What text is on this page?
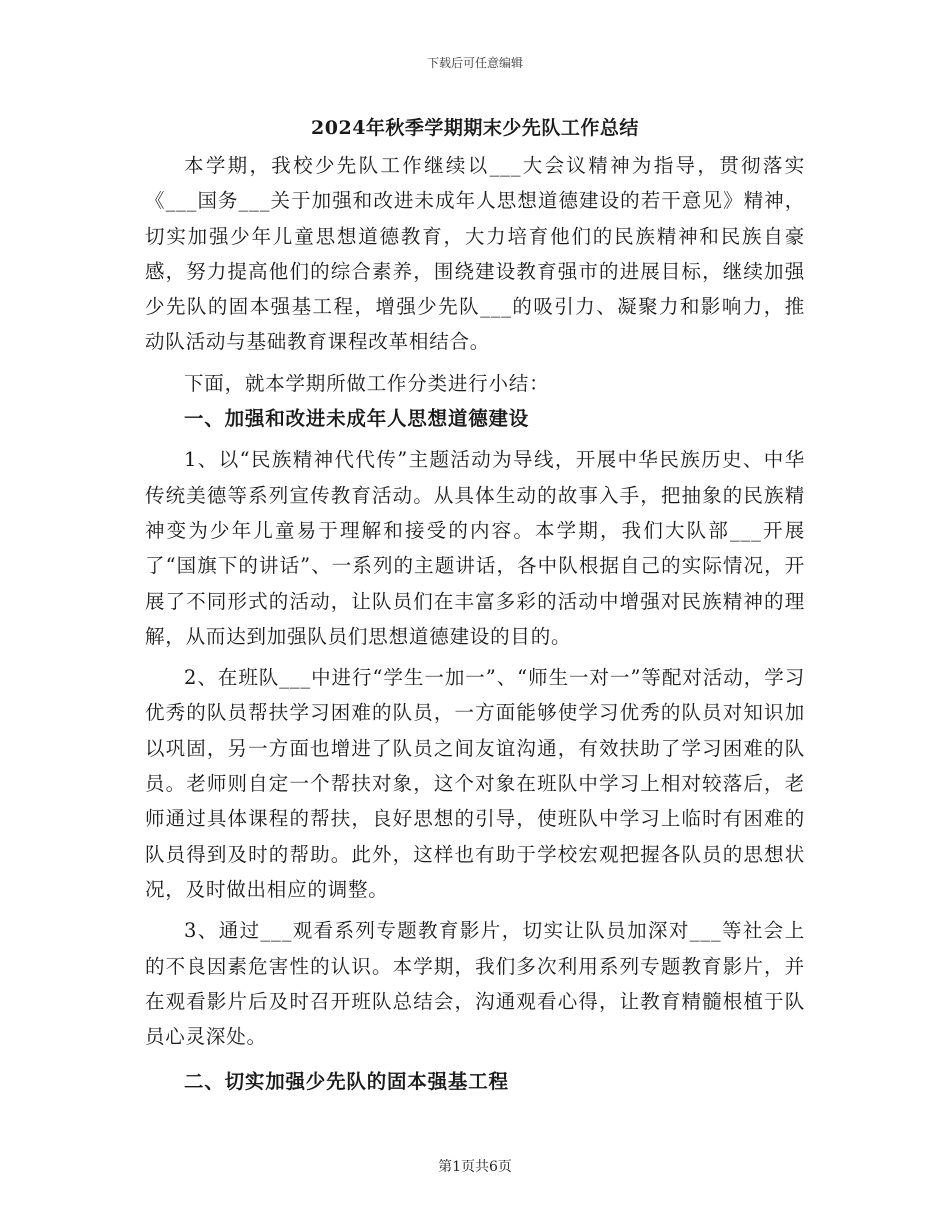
下载后可任意编辑
2024年秋季学期期末少先队工作总结

本学期，我校少先队工作继续以___大会议精神为指导，贯彻落实《___国务___关于加强和改进未成年人思想道德建设的若干意见》精神，切实加强少年儿童思想道德教育，大力培育他们的民族精神和民族自豪感，努力提高他们的综合素养，围绕建设教育强市的进展目标，继续加强少先队的固本强基工程，增强少先队___的吸引力、凝聚力和影响力，推动队活动与基础教育课程改革相结合。

下面，就本学期所做工作分类进行小结：

一、加强和改进未成年人思想道德建设

1、以“民族精神代代传”主题活动为导线，开展中华民族历史、中华传统美德等系列宣传教育活动。从具体生动的故事入手，把抽象的民族精神变为少年儿童易于理解和接受的内容。本学期，我们大队部___开展了“国旗下的讲话”、一系列的主题讲话，各中队根据自己的实际情况，开展了不同形式的活动，让队员们在丰富多彩的活动中增强对民族精神的理解，从而达到加强队员们思想道德建设的目的。

2、在班队___中进行“学生一加一”、“师生一对一”等配对活动，学习优秀的队员帮扶学习困难的队员，一方面能够使学习优秀的队员对知识加以巩固，另一方面也增进了队员之间友谊沟通，有效扶助了学习困难的队员。老师则自定一个帮扶对象，这个对象在班队中学习上相对较落后，老师通过具体课程的帮扶，良好思想的引导，使班队中学习上临时有困难的队员得到及时的帮助。此外，这样也有助于学校宏观把握各队员的思想状况，及时做出相应的调整。

3、通过___观看系列专题教育影片，切实让队员加深对___等社会上的不良因素危害性的认识。本学期，我们多次利用系列专题教育影片，并在观看影片后及时召开班队总结会，沟通观看心得，让教育精髓根植于队员心灵深处。

二、切实加强少先队的固本强基工程

第1页共6页
